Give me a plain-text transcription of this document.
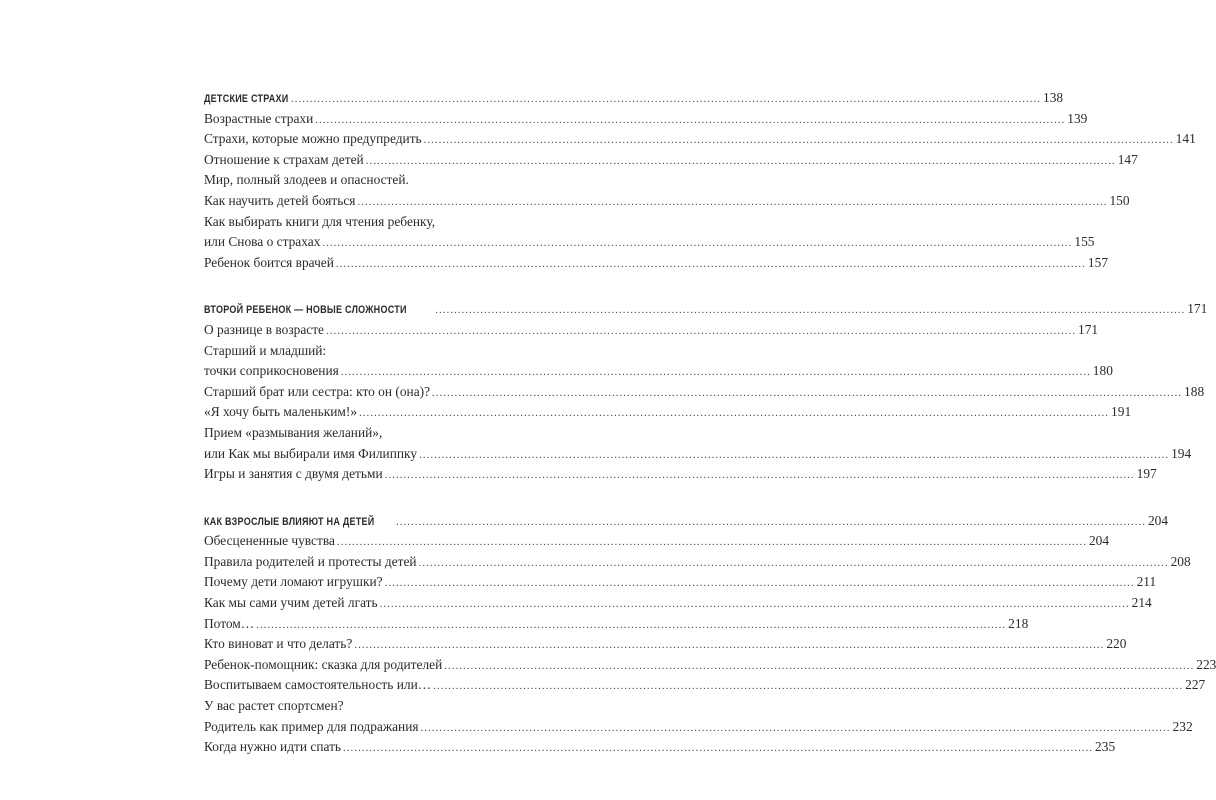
ДЕТСКИЕ СТРАХИ ........................................................................................................................................................................................................ 138
Возрастные страхи ........................................................................................................................................................................................................ 139
Страхи, которые можно предупредить ........................................................................................................................................................................................................ 141
Отношение к страхам детей ........................................................................................................................................................................................................ 147
Мир, полный злодеев и опасностей.
Как научить детей бояться ........................................................................................................................................................................................................ 150
Как выбирать книги для чтения ребенку,
или Снова о страхах ........................................................................................................................................................................................................ 155
Ребенок боится врачей ........................................................................................................................................................................................................ 157
ВТОРОЙ РЕБЕНОК — НОВЫЕ СЛОЖНОСТИ	........................................................................................................................................................................................................ 171
О разнице в возрасте ........................................................................................................................................................................................................ 171
Старший и младший:
точки соприкосновения ........................................................................................................................................................................................................ 180
Старший брат или сестра: кто он (она)? ........................................................................................................................................................................................................ 188
«Я хочу быть маленьким!» ........................................................................................................................................................................................................ 191
Прием «размывания желаний»,
или Как мы выбирали имя Филиппку ........................................................................................................................................................................................................ 194
Игры и занятия с двумя детьми ........................................................................................................................................................................................................ 197
КАК ВЗРОСЛЫЕ ВЛИЯЮТ НА ДЕТЕЙ ........................................................................................................................................................................................................ 204
Обесцененные чувства ........................................................................................................................................................................................................ 204
Правила родителей и протесты детей ........................................................................................................................................................................................................ 208
Почему дети ломают игрушки? ........................................................................................................................................................................................................ 211
Как мы сами учим детей лгать ........................................................................................................................................................................................................ 214
Потом… ........................................................................................................................................................................................................ 218
Кто виноват и что делать? ........................................................................................................................................................................................................ 220
Ребенок-помощник: сказка для родителей ........................................................................................................................................................................................................ 223
Воспитываем самостоятельность или… ........................................................................................................................................................................................................ 227
У вас растет спортсмен?
Родитель как пример для подражания ........................................................................................................................................................................................................ 232
Когда нужно идти спать ........................................................................................................................................................................................................ 235
